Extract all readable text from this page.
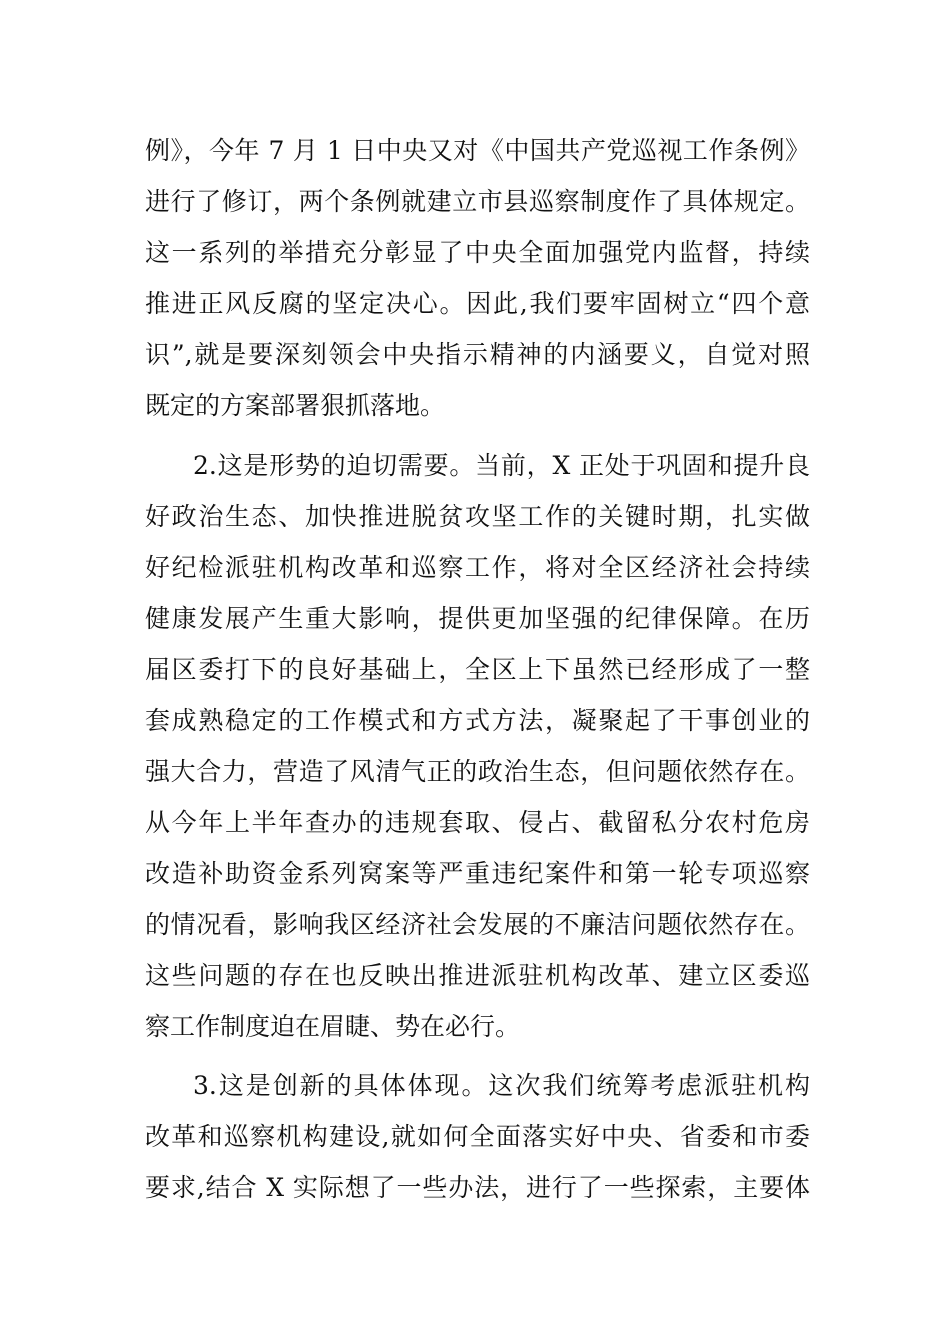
例》，今年 7 月 1 日中央又对《中国共产党巡视工作条例》
进行了修订，两个条例就建立市县巡察制度作了具体规定。
这一系列的举措充分彰显了中央全面加强党内监督，持续
推进正风反腐的坚定决心。因此,我们要牢固树立“四个意
识”,就是要深刻领会中央指示精神的内涵要义，自觉对照
既定的方案部署狠抓落地。
2.这是形势的迫切需要。当前，X 正处于巩固和提升良
好政治生态、加快推进脱贫攻坚工作的关键时期，扎实做
好纪检派驻机构改革和巡察工作，将对全区经济社会持续
健康发展产生重大影响，提供更加坚强的纪律保障。在历
届区委打下的良好基础上，全区上下虽然已经形成了一整
套成熟稳定的工作模式和方式方法，凝聚起了干事创业的
强大合力，营造了风清气正的政治生态，但问题依然存在。
从今年上半年查办的违规套取、侵占、截留私分农村危房
改造补助资金系列窝案等严重违纪案件和第一轮专项巡察
的情况看，影响我区经济社会发展的不廉洁问题依然存在。
这些问题的存在也反映出推进派驻机构改革、建立区委巡
察工作制度迫在眉睫、势在必行。
3.这是创新的具体体现。这次我们统筹考虑派驻机构
改革和巡察机构建设,就如何全面落实好中央、省委和市委
要求,结合 X 实际想了一些办法，进行了一些探索，主要体
